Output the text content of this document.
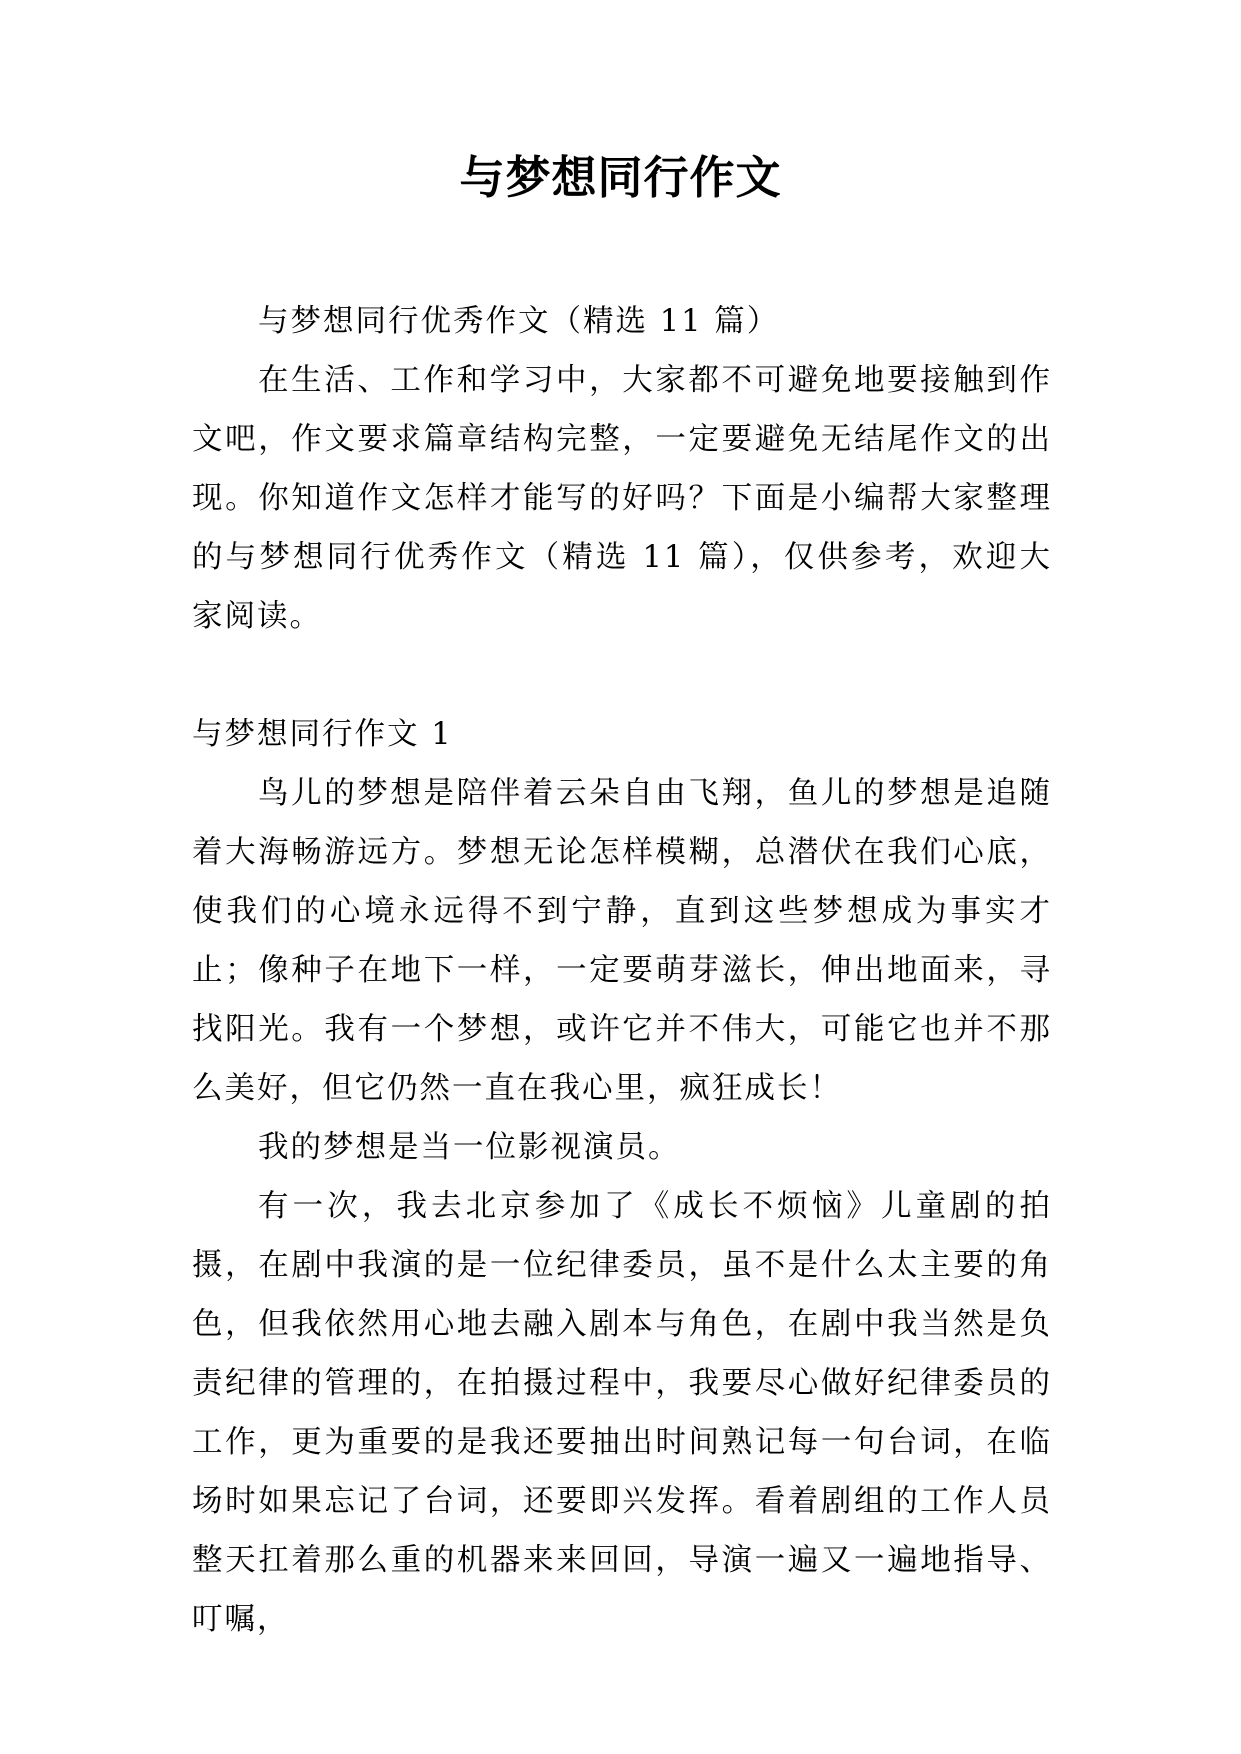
与梦想同行作文

与梦想同行优秀作文（精选 11 篇）

在生活、工作和学习中，大家都不可避免地要接触到作文吧，作文要求篇章结构完整，一定要避免无结尾作文的出现。你知道作文怎样才能写的好吗？下面是小编帮大家整理的与梦想同行优秀作文（精选 11 篇），仅供参考，欢迎大家阅读。

与梦想同行作文 1

鸟儿的梦想是陪伴着云朵自由飞翔，鱼儿的梦想是追随着大海畅游远方。梦想无论怎样模糊，总潜伏在我们心底，使我们的心境永远得不到宁静，直到这些梦想成为事实才止；像种子在地下一样，一定要萌芽滋长，伸出地面来，寻找阳光。我有一个梦想，或许它并不伟大，可能它也并不那么美好，但它仍然一直在我心里，疯狂成长！

我的梦想是当一位影视演员。

有一次，我去北京参加了《成长不烦恼》儿童剧的拍摄，在剧中我演的是一位纪律委员，虽不是什么太主要的角色，但我依然用心地去融入剧本与角色，在剧中我当然是负责纪律的管理的，在拍摄过程中，我要尽心做好纪律委员的工作，更为重要的是我还要抽出时间熟记每一句台词，在临场时如果忘记了台词，还要即兴发挥。看着剧组的工作人员整天扛着那么重的机器来来回回，导演一遍又一遍地指导、叮嘱，
